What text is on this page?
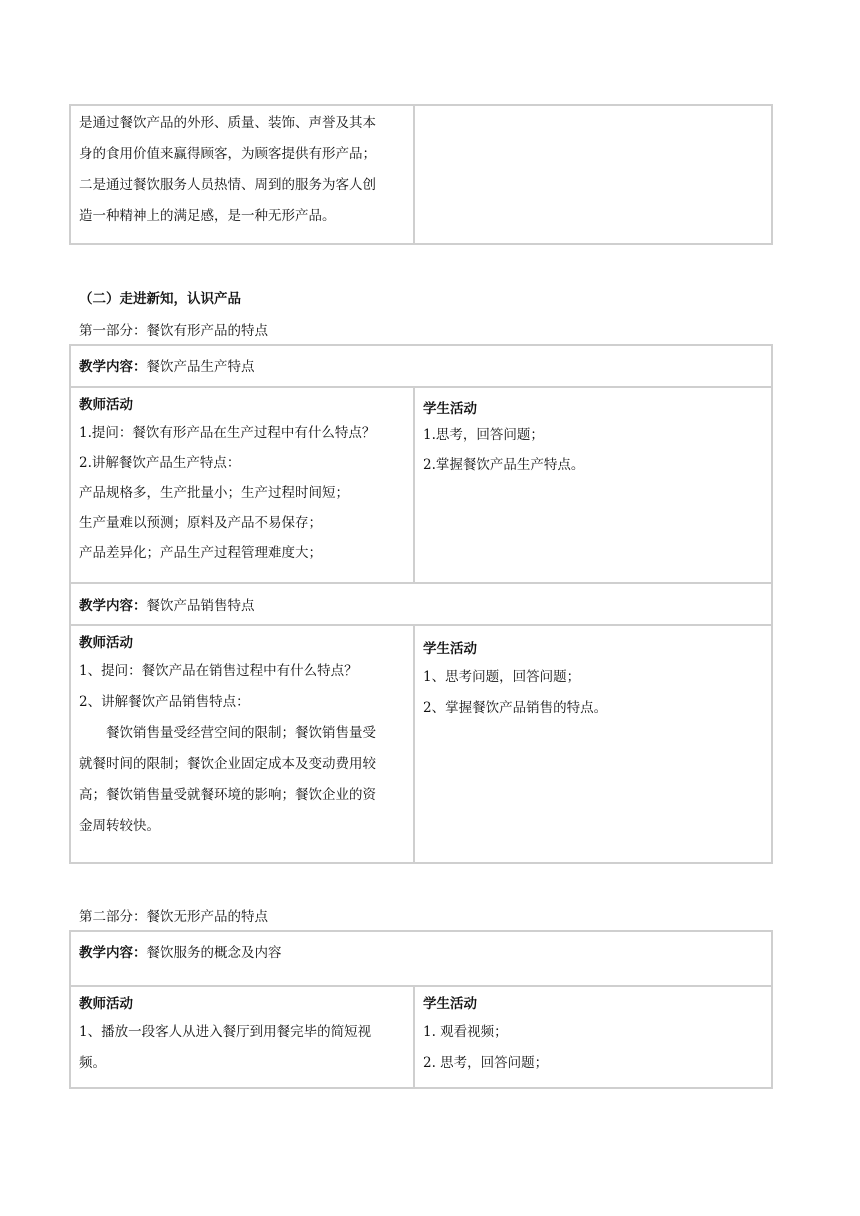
是通过餐饮产品的外形、质量、装饰、声誉及其本

身的食用价值来赢得顾客，为顾客提供有形产品；

二是通过餐饮服务人员热情、周到的服务为客人创

造一种精神上的满足感，是一种无形产品。

（二）走进新知，认识产品
第一部分：餐饮有形产品的特点
教学内容：餐饮产品生产特点

教师活动

1.提问：餐饮有形产品在生产过程中有什么特点？

2.讲解餐饮产品生产特点：

产品规格多，生产批量小；生产过程时间短；

生产量难以预测；原料及产品不易保存；

产品差异化；产品生产过程管理难度大；

学生活动

1.思考，回答问题；

2.掌握餐饮产品生产特点。

教学内容：餐饮产品销售特点

教师活动

1、提问：餐饮产品在销售过程中有什么特点？

2、讲解餐饮产品销售特点：

餐饮销售量受经营空间的限制；餐饮销售量受

就餐时间的限制；餐饮企业固定成本及变动费用较

高；餐饮销售量受就餐环境的影响；餐饮企业的资

金周转较快。

学生活动

1、思考问题，回答问题；

2、掌握餐饮产品销售的特点。

第二部分：餐饮无形产品的特点
教学内容：餐饮服务的概念及内容

教师活动

1、播放一段客人从进入餐厅到用餐完毕的简短视

频。

学生活动

1. 观看视频；

2. 思考，回答问题；
